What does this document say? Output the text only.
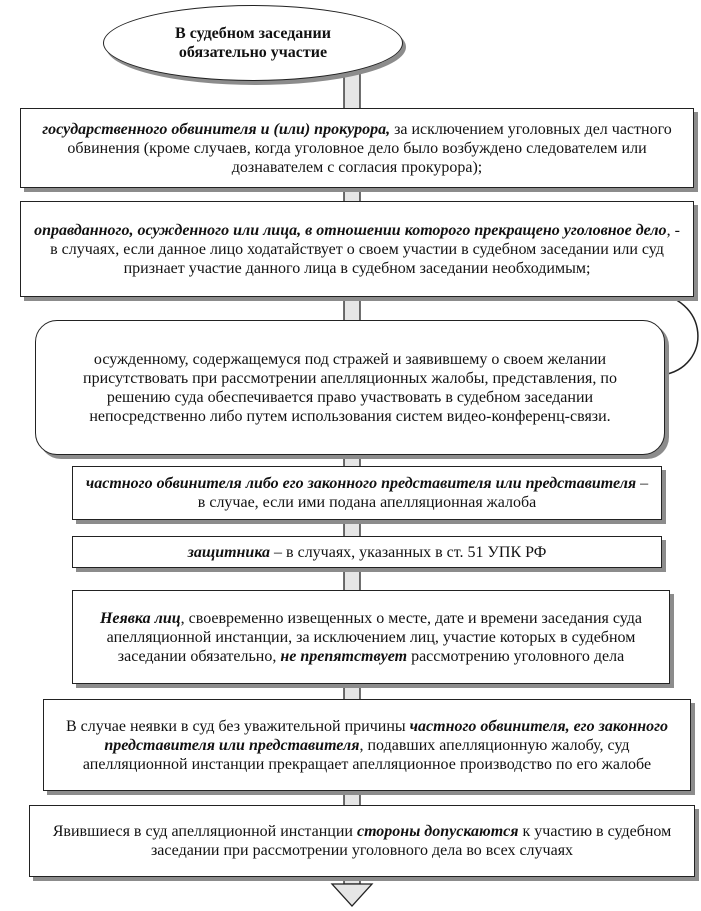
В судебном заседании

обязательно участие

государственного обвинителя и (или) прокурора, за исключением уголовных дел частного обвинения (кроме случаев, когда уголовное дело было возбуждено следователем или дознавателем с согласия прокурора);

оправданного, осужденного или лица, в отношении которого прекращено уголовное дело, - в случаях, если данное лицо ходатайствует о своем участии в судебном заседании или суд признает участие данного лица в судебном заседании необходимым;

осужденному, содержащемуся под стражей и заявившему о своем желании присутствовать при рассмотрении апелляционных жалобы, представления, по решению суда обеспечивается право участвовать в судебном заседании непосредственно либо путем использования систем видео-конференц-связи.

частного обвинителя либо его законного представителя или представителя – в случае, если ими подана апелляционная жалоба

защитника – в случаях, указанных в ст. 51 УПК РФ

Неявка лиц, своевременно извещенных о месте, дате и времени заседания суда апелляционной инстанции, за исключением лиц, участие которых в судебном заседании обязательно, не препятствует рассмотрению уголовного дела

В случае неявки в суд без уважительной причины частного обвинителя, его законного представителя или представителя, подавших апелляционную жалобу, суд апелляционной инстанции прекращает апелляционное производство по его жалобе

Явившиеся в суд апелляционной инстанции стороны допускаются к участию в судебном заседании при рассмотрении уголовного дела во всех случаях
